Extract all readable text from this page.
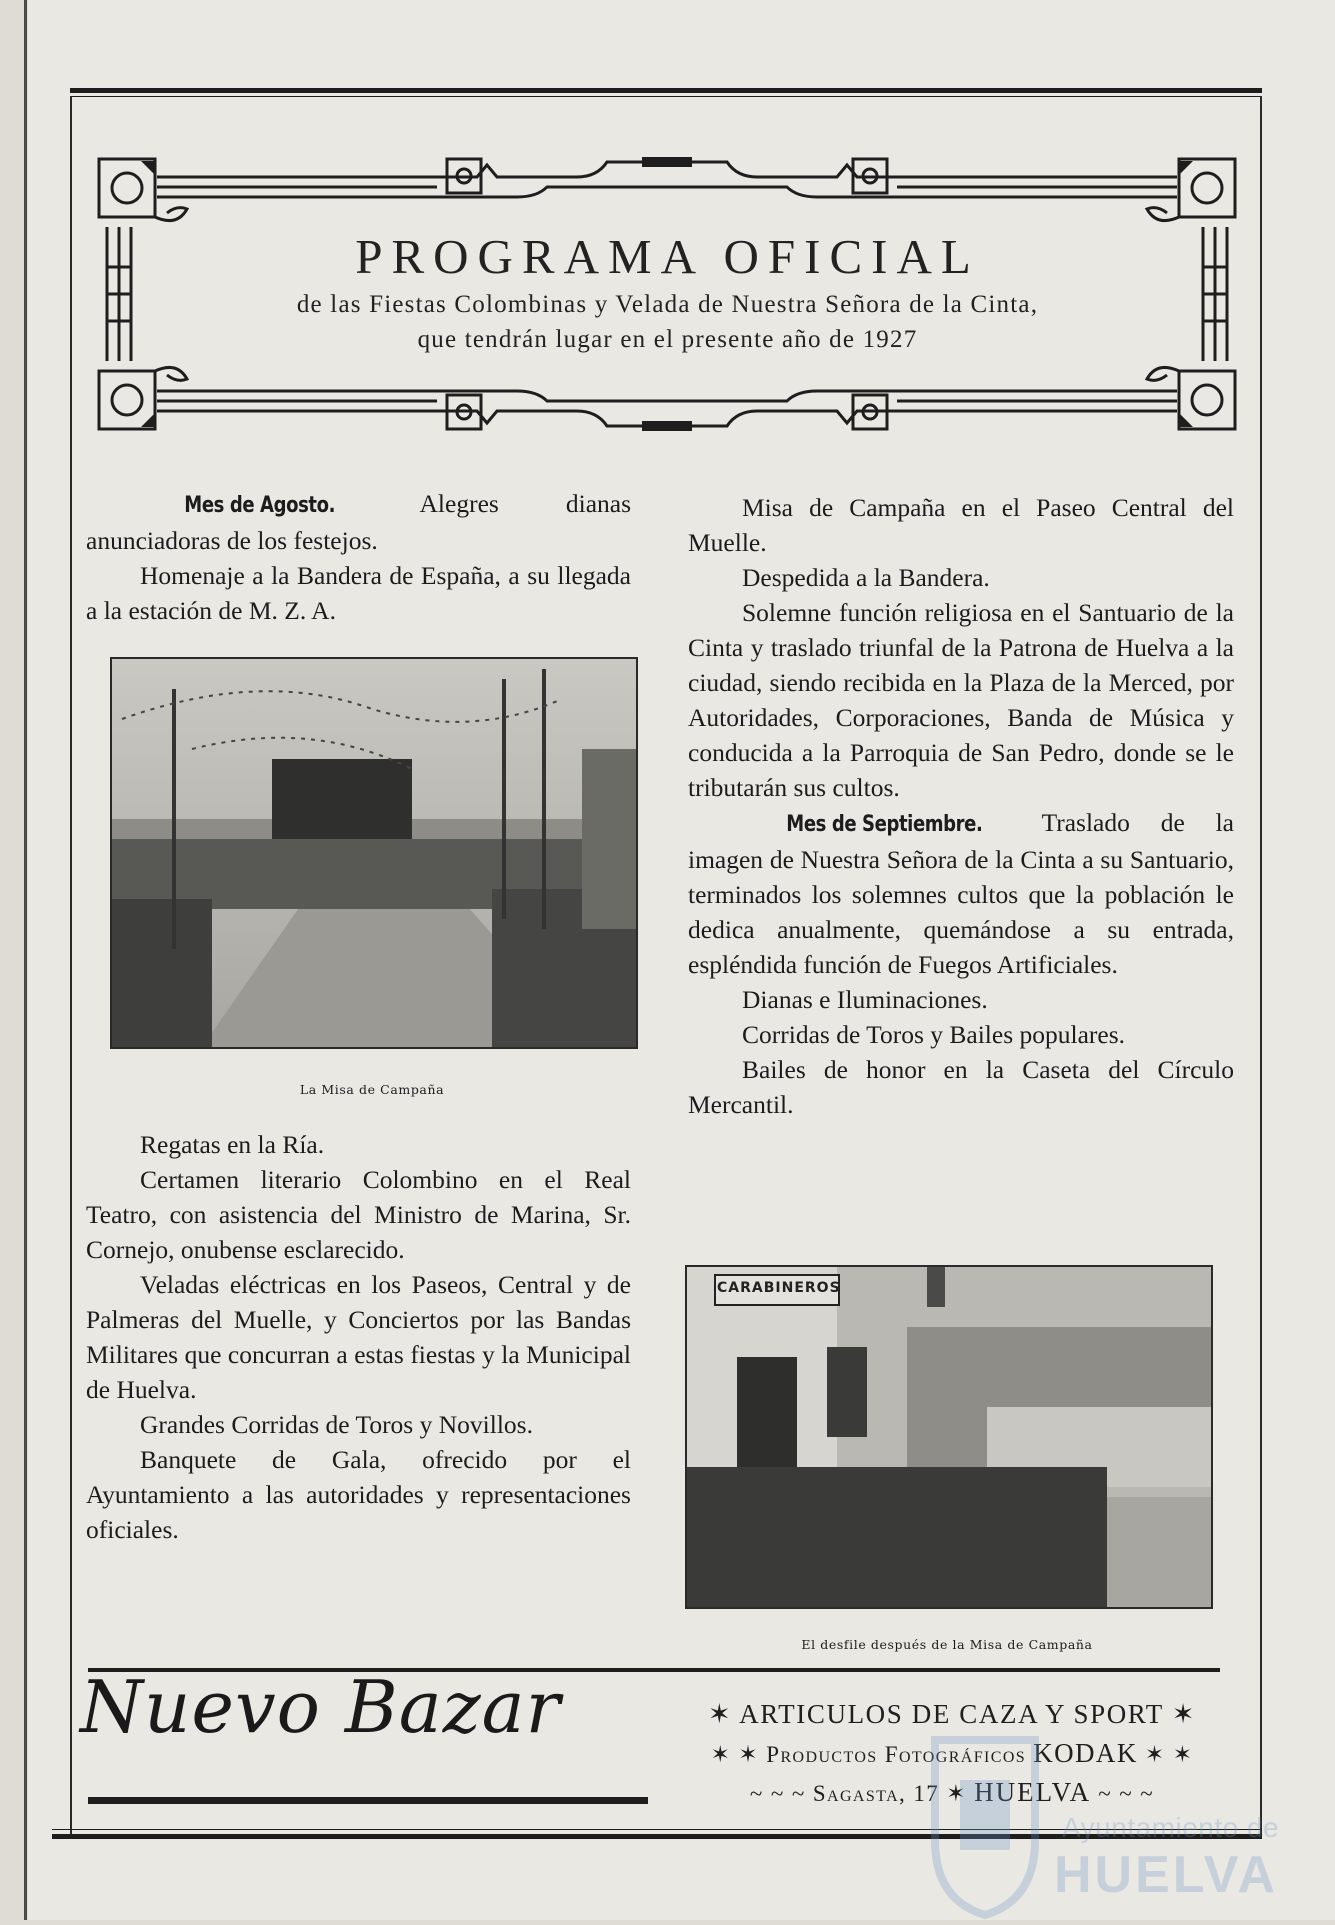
PROGRAMA OFICIAL
de las Fiestas Colombinas y Velada de Nuestra Señora de la Cinta,
que tendrán lugar en el presente año de 1927

Mes de Agosto.	Alegres dianas anunciadoras de los festejos.

Homenaje a la Bandera de España, a su llegada a la estación de M. Z. A.

La Misa de Campaña

Regatas en la Ría.

Certamen literario Colombino en el Real Teatro, con asistencia del Ministro de Marina, Sr. Cornejo, onubense esclarecido.

Veladas eléctricas en los Paseos, Central y de Palmeras del Muelle, y Conciertos por las Bandas Militares que concurran a estas fiestas y la Municipal de Huelva.

Grandes Corridas de Toros y Novillos.

Banquete de Gala, ofrecido por el Ayuntamiento a las autoridades y representaciones oficiales.

Misa de Campaña en el Paseo Central del Muelle.

Despedida a la Bandera.

Solemne función religiosa en el Santuario de la Cinta y traslado triunfal de la Patrona de Huelva a la ciudad, siendo recibida en la Plaza de la Merced, por Autoridades, Corporaciones, Banda de Música y conducida a la Parroquia de San Pedro, donde se le tributarán sus cultos.

Mes de Septiembre. Traslado de la imagen de Nuestra Señora de la Cinta a su Santuario, terminados los solemnes cultos que la población le dedica anualmente, quemándose a su entrada, espléndida función de Fuegos Artificiales.

Dianas e Iluminaciones.

Corridas de Toros y Bailes populares.

Bailes de honor en la Caseta del Círculo Mercantil.

CARABINEROS
El desfile después de la Misa de Campaña
Nuevo Bazar	✶ ARTICULOS DE CAZA Y SPORT ✶
✶ ✶ Productos Fotográficos KODAK ✶ ✶
~ ~ ~ Sagasta, 17 ✶ HUELVA ~ ~ ~
Ayuntamiento de
HUELVA
